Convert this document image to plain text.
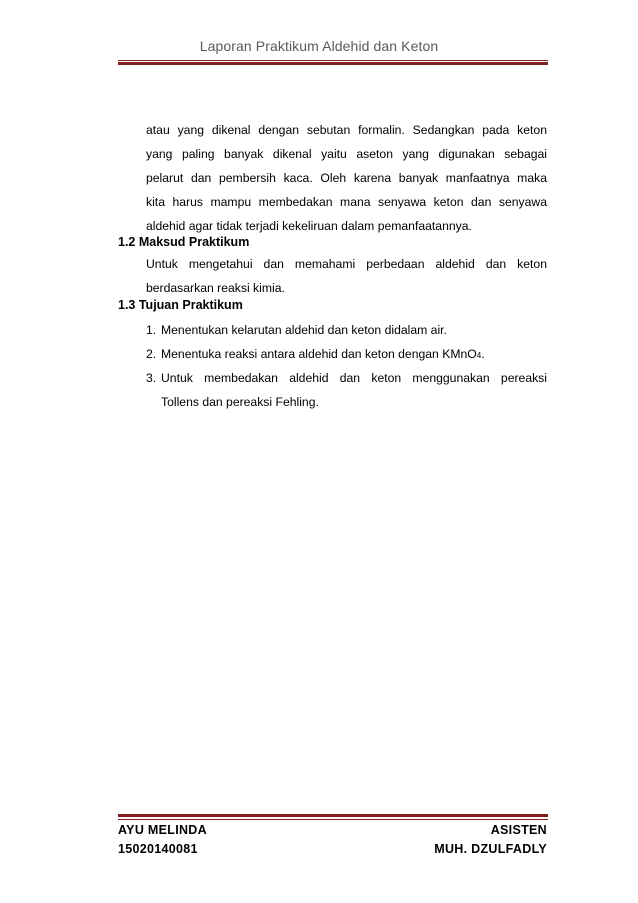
Laporan Praktikum Aldehid dan Keton
atau yang dikenal dengan sebutan formalin. Sedangkan pada keton
yang paling banyak dikenal yaitu aseton yang digunakan sebagai
pelarut dan pembersih kaca. Oleh karena banyak manfaatnya maka
kita harus mampu membedakan mana senyawa keton dan senyawa
aldehid agar tidak terjadi kekeliruan dalam pemanfaatannya.
1.2 Maksud Praktikum
Untuk mengetahui dan memahami perbedaan aldehid dan keton
berdasarkan reaksi kimia.
1.3 Tujuan Praktikum
1. Menentukan kelarutan aldehid dan keton didalam air.
2. Menentuka reaksi antara aldehid dan keton dengan KMnO4.
3. Untuk membedakan aldehid dan keton menggunakan pereaksi
Tollens dan pereaksi Fehling.
AYU MELINDA
15020140081
ASISTEN
MUH. DZULFADLY
